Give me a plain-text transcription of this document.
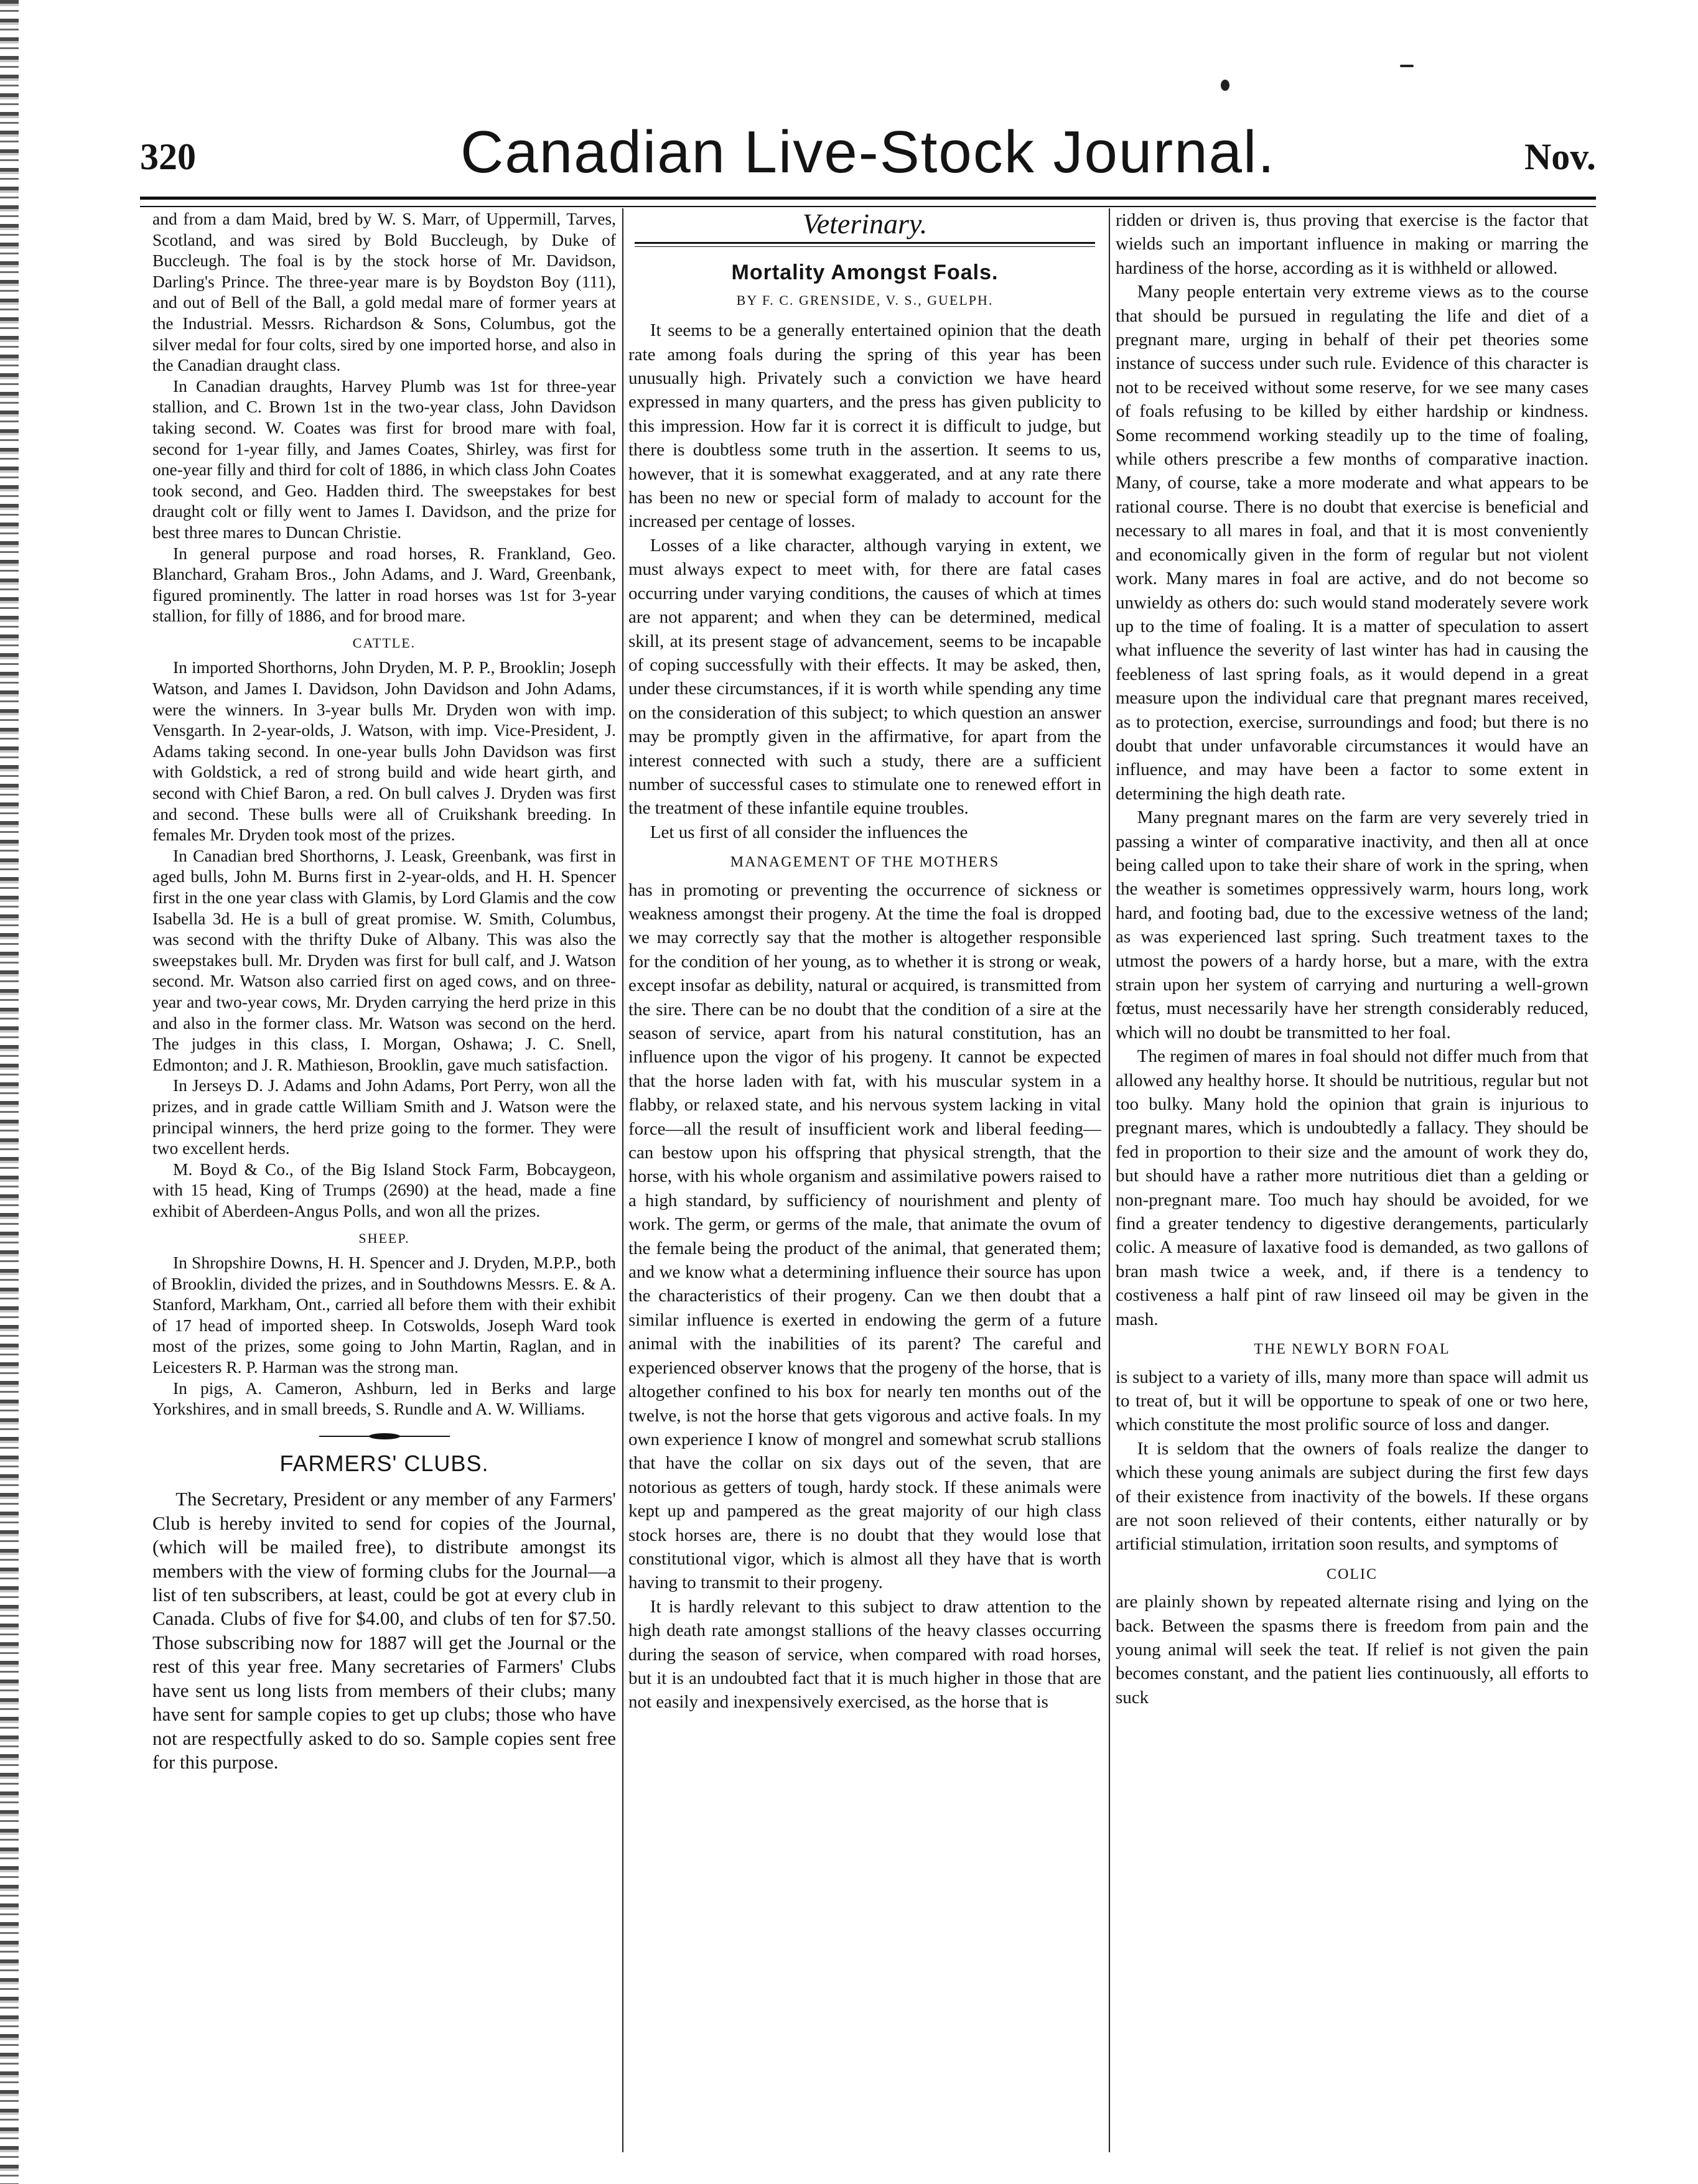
320	Canadian Live-Stock Journal.	Nov.

and from a dam Maid, bred by W. S. Marr, of Uppermill, Tarves, Scotland, and was sired by Bold Buccleugh, by Duke of Buccleugh. The foal is by the stock horse of Mr. Davidson, Darling's Prince. The three-year mare is by Boydston Boy (111), and out of Bell of the Ball, a gold medal mare of former years at the Industrial. Messrs. Richardson & Sons, Columbus, got the silver medal for four colts, sired by one imported horse, and also in the Canadian draught class.

In Canadian draughts, Harvey Plumb was 1st for three-year stallion, and C. Brown 1st in the two-year class, John Davidson taking second. W. Coates was first for brood mare with foal, second for 1-year filly, and James Coates, Shirley, was first for one-year filly and third for colt of 1886, in which class John Coates took second, and Geo. Hadden third. The sweepstakes for best draught colt or filly went to James I. Davidson, and the prize for best three mares to Duncan Christie.

In general purpose and road horses, R. Frankland, Geo. Blanchard, Graham Bros., John Adams, and J. Ward, Greenbank, figured prominently. The latter in road horses was 1st for 3-year stallion, for filly of 1886, and for brood mare.

CATTLE.

In imported Shorthorns, John Dryden, M. P. P., Brooklin; Joseph Watson, and James I. Davidson, John Davidson and John Adams, were the winners. In 3-year bulls Mr. Dryden won with imp. Vensgarth. In 2-year-olds, J. Watson, with imp. Vice-President, J. Adams taking second. In one-year bulls John Davidson was first with Goldstick, a red of strong build and wide heart girth, and second with Chief Baron, a red. On bull calves J. Dryden was first and second. These bulls were all of Cruikshank breeding. In females Mr. Dryden took most of the prizes.

In Canadian bred Shorthorns, J. Leask, Greenbank, was first in aged bulls, John M. Burns first in 2-year-olds, and H. H. Spencer first in the one year class with Glamis, by Lord Glamis and the cow Isabella 3d. He is a bull of great promise. W. Smith, Columbus, was second with the thrifty Duke of Albany. This was also the sweepstakes bull. Mr. Dryden was first for bull calf, and J. Watson second. Mr. Watson also carried first on aged cows, and on three-year and two-year cows, Mr. Dryden carrying the herd prize in this and also in the former class. Mr. Watson was second on the herd. The judges in this class, I. Morgan, Oshawa; J. C. Snell, Edmonton; and J. R. Mathieson, Brooklin, gave much satisfaction.

In Jerseys D. J. Adams and John Adams, Port Perry, won all the prizes, and in grade cattle William Smith and J. Watson were the principal winners, the herd prize going to the former. They were two excellent herds.

M. Boyd & Co., of the Big Island Stock Farm, Bobcaygeon, with 15 head, King of Trumps (2690) at the head, made a fine exhibit of Aberdeen-Angus Polls, and won all the prizes.

SHEEP.

In Shropshire Downs, H. H. Spencer and J. Dryden, M.P.P., both of Brooklin, divided the prizes, and in Southdowns Messrs. E. & A. Stanford, Markham, Ont., carried all before them with their exhibit of 17 head of imported sheep. In Cotswolds, Joseph Ward took most of the prizes, some going to John Martin, Raglan, and in Leicesters R. P. Harman was the strong man.

In pigs, A. Cameron, Ashburn, led in Berks and large Yorkshires, and in small breeds, S. Rundle and A. W. Williams.

FARMERS' CLUBS.

The Secretary, President or any member of any Farmers' Club is hereby invited to send for copies of the Journal, (which will be mailed free), to distribute amongst its members with the view of forming clubs for the Journal—a list of ten subscribers, at least, could be got at every club in Canada. Clubs of five for $4.00, and clubs of ten for $7.50. Those subscribing now for 1887 will get the Journal or the rest of this year free. Many secretaries of Farmers' Clubs have sent us long lists from members of their clubs; many have sent for sample copies to get up clubs; those who have not are respectfully asked to do so. Sample copies sent free for this purpose.

Veterinary.
Mortality Amongst Foals.
BY F. C. GRENSIDE, V. S., GUELPH.

It seems to be a generally entertained opinion that the death rate among foals during the spring of this year has been unusually high. Privately such a conviction we have heard expressed in many quarters, and the press has given publicity to this impression. How far it is correct it is difficult to judge, but there is doubtless some truth in the assertion. It seems to us, however, that it is somewhat exaggerated, and at any rate there has been no new or special form of malady to account for the increased per centage of losses.

Losses of a like character, although varying in extent, we must always expect to meet with, for there are fatal cases occurring under varying conditions, the causes of which at times are not apparent; and when they can be determined, medical skill, at its present stage of advancement, seems to be incapable of coping successfully with their effects. It may be asked, then, under these circumstances, if it is worth while spending any time on the consideration of this subject; to which question an answer may be promptly given in the affirmative, for apart from the interest connected with such a study, there are a sufficient number of successful cases to stimulate one to renewed effort in the treatment of these infantile equine troubles.

Let us first of all consider the influences the

MANAGEMENT OF THE MOTHERS

has in promoting or preventing the occurrence of sickness or weakness amongst their progeny. At the time the foal is dropped we may correctly say that the mother is altogether responsible for the condition of her young, as to whether it is strong or weak, except insofar as debility, natural or acquired, is transmitted from the sire. There can be no doubt that the condition of a sire at the season of service, apart from his natural constitution, has an influence upon the vigor of his progeny. It cannot be expected that the horse laden with fat, with his muscular system in a flabby, or relaxed state, and his nervous system lacking in vital force—all the result of insufficient work and liberal feeding—can bestow upon his offspring that physical strength, that the horse, with his whole organism and assimilative powers raised to a high standard, by sufficiency of nourishment and plenty of work. The germ, or germs of the male, that animate the ovum of the female being the product of the animal, that generated them; and we know what a determining influence their source has upon the characteristics of their progeny. Can we then doubt that a similar influence is exerted in endowing the germ of a future animal with the inabilities of its parent? The careful and experienced observer knows that the progeny of the horse, that is altogether confined to his box for nearly ten months out of the twelve, is not the horse that gets vigorous and active foals. In my own experience I know of mongrel and somewhat scrub stallions that have the collar on six days out of the seven, that are notorious as getters of tough, hardy stock. If these animals were kept up and pampered as the great majority of our high class stock horses are, there is no doubt that they would lose that constitutional vigor, which is almost all they have that is worth having to transmit to their progeny.

It is hardly relevant to this subject to draw attention to the high death rate amongst stallions of the heavy classes occurring during the season of service, when compared with road horses, but it is an undoubted fact that it is much higher in those that are not easily and inexpensively exercised, as the horse that is

ridden or driven is, thus proving that exercise is the factor that wields such an important influence in making or marring the hardiness of the horse, according as it is withheld or allowed.

Many people entertain very extreme views as to the course that should be pursued in regulating the life and diet of a pregnant mare, urging in behalf of their pet theories some instance of success under such rule. Evidence of this character is not to be received without some reserve, for we see many cases of foals refusing to be killed by either hardship or kindness. Some recommend working steadily up to the time of foaling, while others prescribe a few months of comparative inaction. Many, of course, take a more moderate and what appears to be rational course. There is no doubt that exercise is beneficial and necessary to all mares in foal, and that it is most conveniently and economically given in the form of regular but not violent work. Many mares in foal are active, and do not become so unwieldy as others do: such would stand moderately severe work up to the time of foaling. It is a matter of speculation to assert what influence the severity of last winter has had in causing the feebleness of last spring foals, as it would depend in a great measure upon the individual care that pregnant mares received, as to protection, exercise, surroundings and food; but there is no doubt that under unfavorable circumstances it would have an influence, and may have been a factor to some extent in determining the high death rate.

Many pregnant mares on the farm are very severely tried in passing a winter of comparative inactivity, and then all at once being called upon to take their share of work in the spring, when the weather is sometimes oppressively warm, hours long, work hard, and footing bad, due to the excessive wetness of the land; as was experienced last spring. Such treatment taxes to the utmost the powers of a hardy horse, but a mare, with the extra strain upon her system of carrying and nurturing a well-grown fœtus, must necessarily have her strength considerably reduced, which will no doubt be transmitted to her foal.

The regimen of mares in foal should not differ much from that allowed any healthy horse. It should be nutritious, regular but not too bulky. Many hold the opinion that grain is injurious to pregnant mares, which is undoubtedly a fallacy. They should be fed in proportion to their size and the amount of work they do, but should have a rather more nutritious diet than a gelding or non-pregnant mare. Too much hay should be avoided, for we find a greater tendency to digestive derangements, particularly colic. A measure of laxative food is demanded, as two gallons of bran mash twice a week, and, if there is a tendency to costiveness a half pint of raw linseed oil may be given in the mash.

THE NEWLY BORN FOAL

is subject to a variety of ills, many more than space will admit us to treat of, but it will be opportune to speak of one or two here, which constitute the most prolific source of loss and danger.

It is seldom that the owners of foals realize the danger to which these young animals are subject during the first few days of their existence from inactivity of the bowels. If these organs are not soon relieved of their contents, either naturally or by artificial stimulation, irritation soon results, and symptoms of

COLIC

are plainly shown by repeated alternate rising and lying on the back. Between the spasms there is freedom from pain and the young animal will seek the teat. If relief is not given the pain becomes constant, and the patient lies continuously, all efforts to suck
